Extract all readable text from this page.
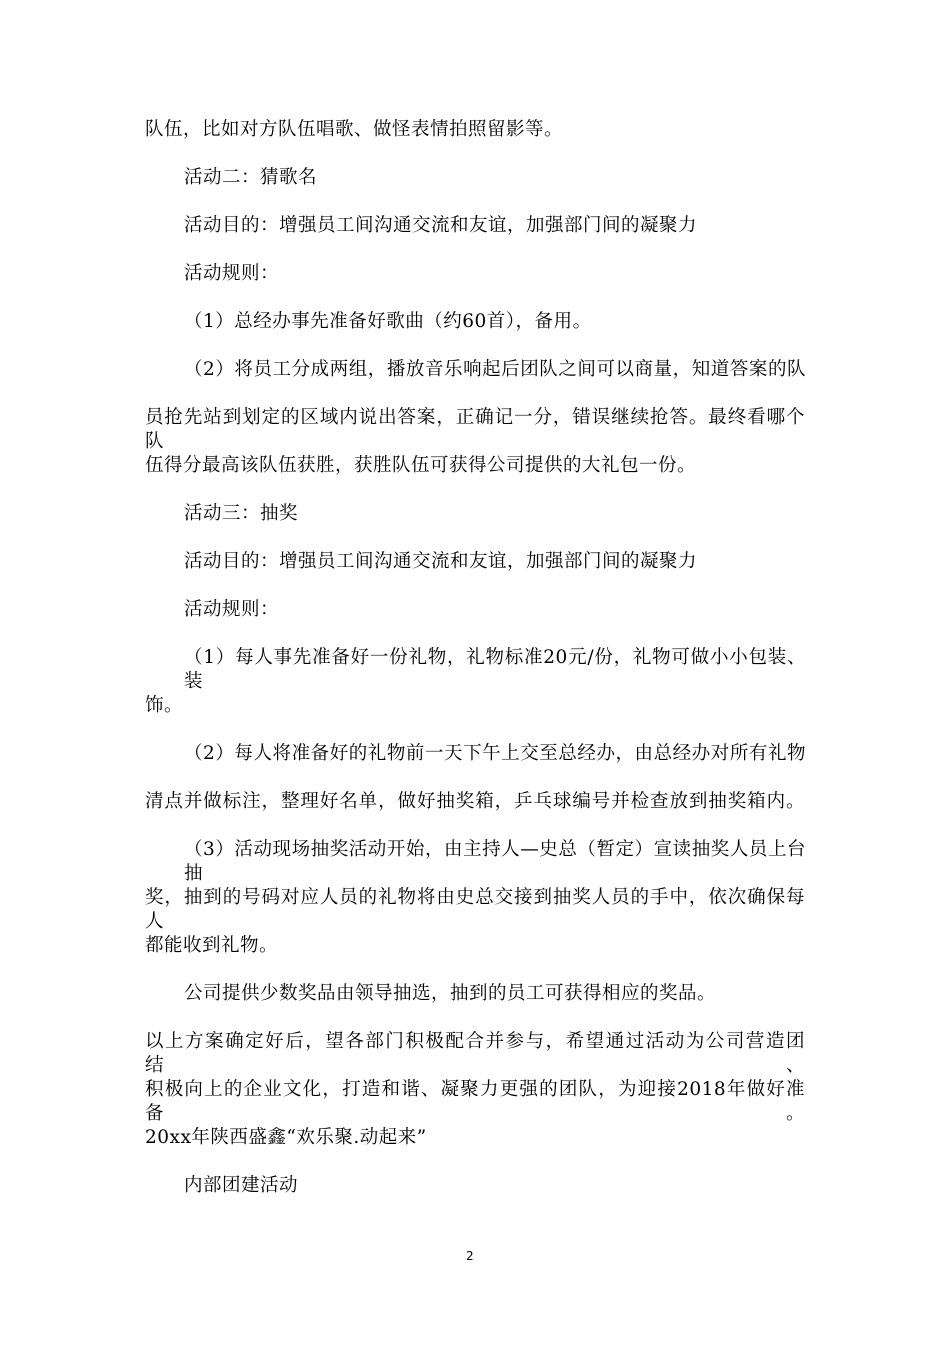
队伍，比如对方队伍唱歌、做怪表情拍照留影等。
活动二：猜歌名
活动目的：增强员工间沟通交流和友谊，加强部门间的凝聚力
活动规则：
（1）总经办事先准备好歌曲（约60首），备用。
（2）将员工分成两组，播放音乐响起后团队之间可以商量，知道答案的队
员抢先站到划定的区域内说出答案，正确记一分，错误继续抢答。最终看哪个队
伍得分最高该队伍获胜，获胜队伍可获得公司提供的大礼包一份。
活动三：抽奖
活动目的：增强员工间沟通交流和友谊，加强部门间的凝聚力
活动规则：
（1）每人事先准备好一份礼物，礼物标准20元/份，礼物可做小小包装、装
饰。
（2）每人将准备好的礼物前一天下午上交至总经办，由总经办对所有礼物
清点并做标注，整理好名单，做好抽奖箱，乒乓球编号并检查放到抽奖箱内。
（3）活动现场抽奖活动开始，由主持人—史总（暂定）宣读抽奖人员上台抽
奖，抽到的号码对应人员的礼物将由史总交接到抽奖人员的手中，依次确保每人
都能收到礼物。
公司提供少数奖品由领导抽选，抽到的员工可获得相应的奖品。
以上方案确定好后，望各部门积极配合并参与，希望通过活动为公司营造团结、
积极向上的企业文化，打造和谐、凝聚力更强的团队，为迎接2018年做好准备。
20xx年陕西盛鑫“欢乐聚.动起来”
内部团建活动
2
